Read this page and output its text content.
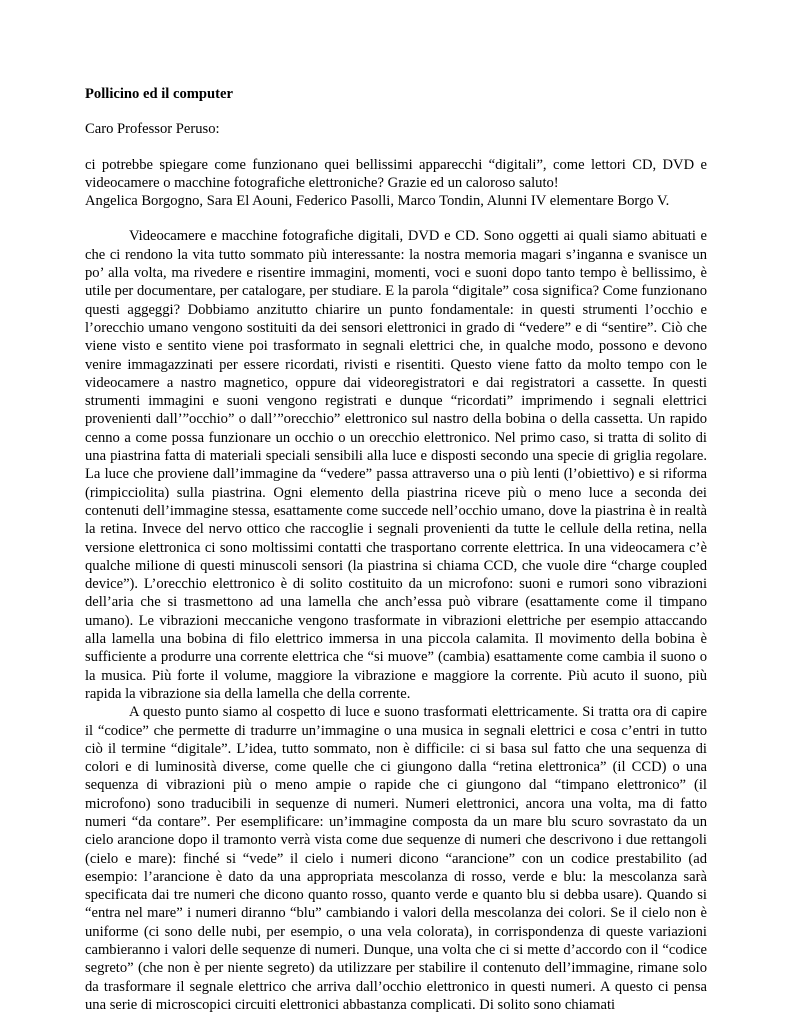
Pollicino ed il computer

Caro Professor Peruso:

ci potrebbe spiegare come funzionano quei bellissimi apparecchi “digitali”, come lettori CD, DVD e videocamere o macchine fotografiche elettroniche? Grazie ed un caloroso saluto!

Angelica Borgogno, Sara El Aouni, Federico Pasolli, Marco Tondin, Alunni IV elementare Borgo V.

Videocamere e macchine fotografiche digitali, DVD e CD. Sono oggetti ai quali siamo abituati e che ci rendono la vita tutto sommato più interessante: la nostra memoria magari s’inganna e svanisce un po’ alla volta, ma rivedere e risentire immagini, momenti, voci e suoni dopo tanto tempo è bellissimo, è utile per documentare, per catalogare, per studiare. E la parola “digitale” cosa significa? Come funzionano questi aggeggi? Dobbiamo anzitutto chiarire un punto fondamentale: in questi strumenti l’occhio e l’orecchio umano vengono sostituiti da dei sensori elettronici in grado di “vedere” e di “sentire”. Ciò che viene visto e sentito viene poi trasformato in segnali elettrici che, in qualche modo, possono e devono venire immagazzinati per essere ricordati, rivisti e risentiti. Questo viene fatto da molto tempo con le videocamere a nastro magnetico, oppure dai videoregistratori e dai registratori a cassette. In questi strumenti immagini e suoni vengono registrati e dunque “ricordati” imprimendo i segnali elettrici provenienti dall’”occhio” o dall’”orecchio” elettronico sul nastro della bobina o della cassetta. Un rapido cenno a come possa funzionare un occhio o un orecchio elettronico. Nel primo caso, si tratta di solito di una piastrina fatta di materiali speciali sensibili alla luce e disposti secondo una specie di griglia regolare. La luce che proviene dall’immagine da “vedere” passa attraverso una o più lenti (l’obiettivo) e si riforma (rimpicciolita) sulla piastrina. Ogni elemento della piastrina riceve più o meno luce a seconda dei contenuti dell’immagine stessa, esattamente come succede nell’occhio umano, dove la piastrina è in realtà la retina. Invece del nervo ottico che raccoglie i segnali provenienti da tutte le cellule della retina, nella versione elettronica ci sono moltissimi contatti che trasportano corrente elettrica. In una videocamera c’è qualche milione di questi minuscoli sensori (la piastrina si chiama CCD, che vuole dire “charge coupled device”). L’orecchio elettronico è di solito costituito da un microfono: suoni e rumori sono vibrazioni dell’aria che si trasmettono ad una lamella che anch’essa può vibrare (esattamente come il timpano umano). Le vibrazioni meccaniche vengono trasformate in vibrazioni elettriche per esempio attaccando alla lamella una bobina di filo elettrico immersa in una piccola calamita. Il movimento della bobina è sufficiente a produrre una corrente elettrica che “si muove” (cambia) esattamente come cambia il suono o la musica. Più forte il volume, maggiore la vibrazione e maggiore la corrente. Più acuto il suono, più rapida la vibrazione sia della lamella che della corrente.

A questo punto siamo al cospetto di luce e suono trasformati elettricamente. Si tratta ora di capire il “codice” che permette di tradurre un’immagine o una musica in segnali elettrici e cosa c’entri in tutto ciò il termine “digitale”. L’idea, tutto sommato, non è difficile: ci si basa sul fatto che una sequenza di colori e di luminosità diverse, come quelle che ci giungono dalla “retina elettronica” (il CCD) o una sequenza di vibrazioni più o meno ampie o rapide che ci giungono dal “timpano elettronico” (il microfono) sono traducibili in sequenze di numeri. Numeri elettronici, ancora una volta, ma di fatto numeri “da contare”. Per esemplificare: un’immagine composta da un mare blu scuro sovrastato da un cielo arancione dopo il tramonto verrà vista come due sequenze di numeri che descrivono i due rettangoli (cielo e mare): finché si “vede” il cielo i numeri dicono “arancione” con un codice prestabilito (ad esempio: l’arancione è dato da una appropriata mescolanza di rosso, verde e blu: la mescolanza sarà specificata dai tre numeri che dicono quanto rosso, quanto verde e quanto blu si debba usare). Quando si “entra nel mare” i numeri diranno “blu” cambiando i valori della mescolanza dei colori. Se il cielo non è uniforme (ci sono delle nubi, per esempio, o una vela colorata), in corrispondenza di queste variazioni cambieranno i valori delle sequenze di numeri. Dunque, una volta che ci si mette d’accordo con il “codice segreto” (che non è per niente segreto) da utilizzare per stabilire il contenuto dell’immagine, rimane solo da trasformare il segnale elettrico che arriva dall’occhio elettronico in questi numeri. A questo ci pensa una serie di microscopici circuiti elettronici abbastanza complicati. Di solito sono chiamati
